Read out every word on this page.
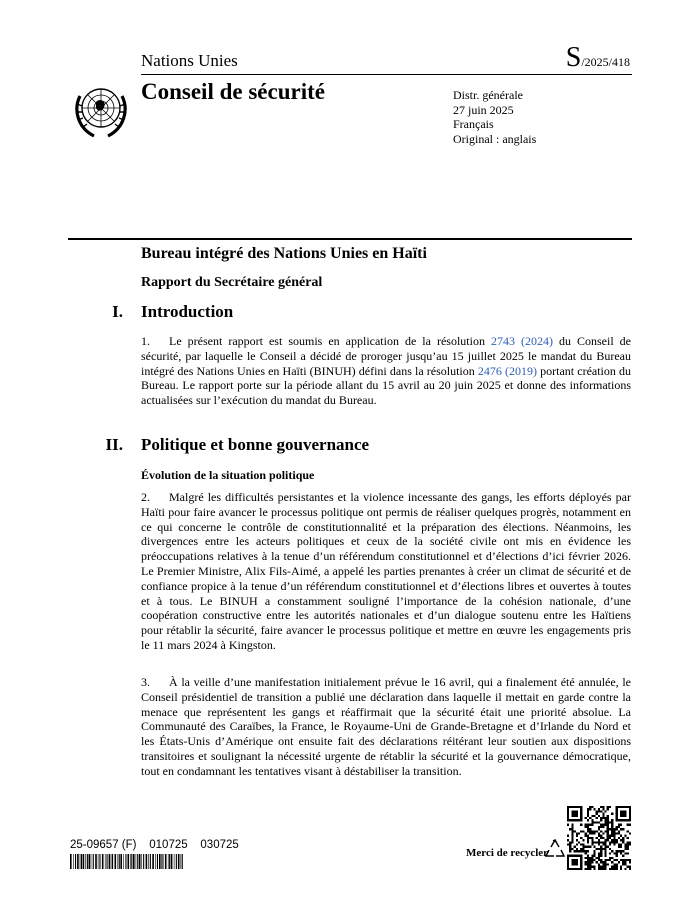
Nations Unies	S/2025/418
Conseil de sécurité	Distr. générale
27 juin 2025
Français
Original : anglais
Bureau intégré des Nations Unies en Haïti
Rapport du Secrétaire général
I. Introduction
1. Le présent rapport est soumis en application de la résolution 2743 (2024) du Conseil de sécurité, par laquelle le Conseil a décidé de proroger jusqu’au 15 juillet 2025 le mandat du Bureau intégré des Nations Unies en Haïti (BINUH) défini dans la résolution 2476 (2019) portant création du Bureau. Le rapport porte sur la période allant du 15 avril au 20 juin 2025 et donne des informations actualisées sur l’exécution du mandat du Bureau.
II. Politique et bonne gouvernance
Évolution de la situation politique
2. Malgré les difficultés persistantes et la violence incessante des gangs, les efforts déployés par Haïti pour faire avancer le processus politique ont permis de réaliser quelques progrès, notamment en ce qui concerne le contrôle de constitutionnalité et la préparation des élections. Néanmoins, les divergences entre les acteurs politiques et ceux de la société civile ont mis en évidence les préoccupations relatives à la tenue d’un référendum constitutionnel et d’élections d’ici février 2026. Le Premier Ministre, Alix Fils-Aimé, a appelé les parties prenantes à créer un climat de sécurité et de confiance propice à la tenue d’un référendum constitutionnel et d’élections libres et ouvertes à toutes et à tous. Le BINUH a constamment souligné l’importance de la cohésion nationale, d’une coopération constructive entre les autorités nationales et d’un dialogue soutenu entre les Haïtiens pour rétablir la sécurité, faire avancer le processus politique et mettre en œuvre les engagements pris le 11 mars 2024 à Kingston.
3. À la veille d’une manifestation initialement prévue le 16 avril, qui a finalement été annulée, le Conseil présidentiel de transition a publié une déclaration dans laquelle il mettait en garde contre la menace que représentent les gangs et réaffirmait que la sécurité était une priorité absolue. La Communauté des Caraïbes, la France, le Royaume-Uni de Grande-Bretagne et d’Irlande du Nord et les États-Unis d’Amérique ont ensuite fait des déclarations réitérant leur soutien aux dispositions transitoires et soulignant la nécessité urgente de rétablir la sécurité et la gouvernance démocratique, tout en condamnant les tentatives visant à déstabiliser la transition.
25-09657 (F)    010725    030725
Merci de recycler
